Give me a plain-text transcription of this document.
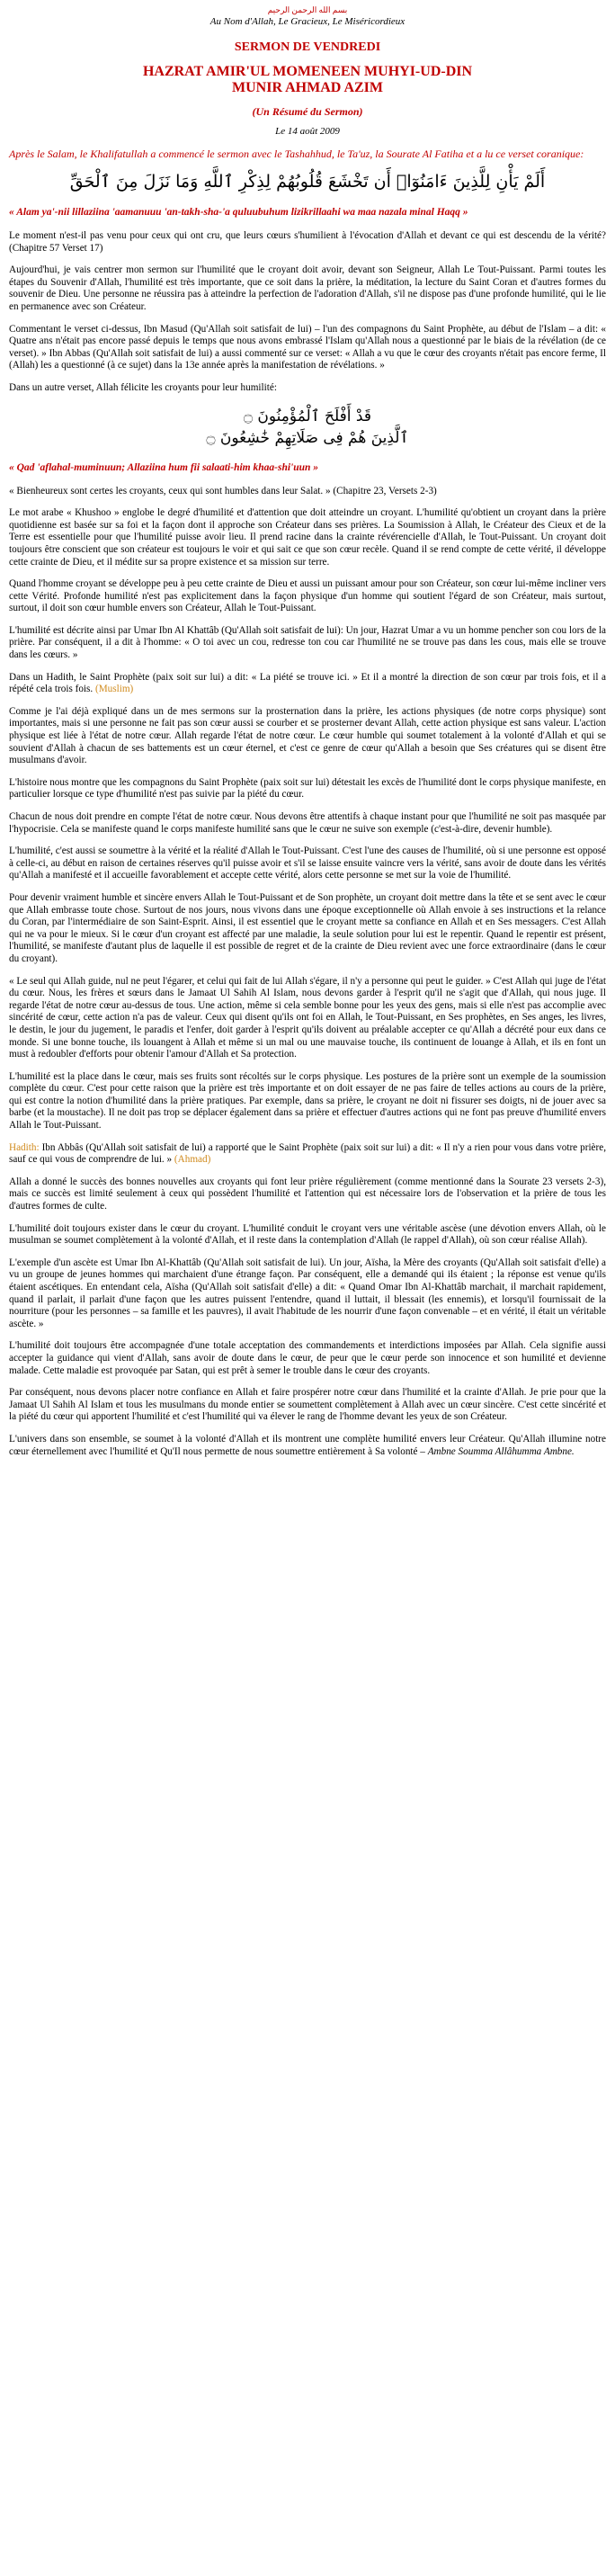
بسم الله الرحمن الرحيم
Au Nom d'Allah, Le Gracieux, Le Miséricordieux
SERMON DE VENDREDI
HAZRAT AMIR'UL MOMENEEN MUHYI-UD-DIN
MUNIR AHMAD AZIM
(Un Résumé du Sermon)
Le 14 août 2009
Après le Salam, le Khalifatullah a commencé le sermon avec le Tashahhud, le Ta'uz, la Sourate Al Fatiha et a lu ce verset coranique:
أَلَمْ يَأْنِ لِلَّذِينَ ءَامَنُوٓا۟ أَن تَخْشَعَ قُلُوبُهُمْ لِذِكْرِ ٱللَّهِ وَمَا نَزَلَ مِنَ ٱلْحَقِّ
« Alam ya'-nii lillaziina 'aamanuuu 'an-takh-sha-'a quluubuhum lizikrillaahi wa maa nazala minal Haqq »

Le moment n'est-il pas venu pour ceux qui ont cru, que leurs cœurs s'humilient à l'évocation d'Allah et devant ce qui est descendu de la vérité? (Chapitre 57 Verset 17)

Aujourd'hui, je vais centrer mon sermon sur l'humilité que le croyant doit avoir, devant son Seigneur, Allah Le Tout-Puissant. Parmi toutes les étapes du Souvenir d'Allah, l'humilité est très importante, que ce soit dans la prière, la méditation, la lecture du Saint Coran et d'autres formes du souvenir de Dieu. Une personne ne réussira pas à atteindre la perfection de l'adoration d'Allah, s'il ne dispose pas d'une profonde humilité, qui le lie en permanence avec son Créateur.

Commentant le verset ci-dessus, Ibn Masud (Qu'Allah soit satisfait de lui) – l'un des compagnons du Saint Prophète, au début de l'Islam – a dit: « Quatre ans n'était pas encore passé depuis le temps que nous avons embrassé l'Islam qu'Allah nous a questionné par le biais de la révélation (de ce verset). » Ibn Abbas (Qu'Allah soit satisfait de lui) a aussi commenté sur ce verset: « Allah a vu que le cœur des croyants n'était pas encore ferme, Il (Allah) les a questionné (à ce sujet) dans la 13e année après la manifestation de révélations. »

Dans un autre verset, Allah félicite les croyants pour leur humilité:

قَدْ أَفْلَحَ ٱلْمُؤْمِنُونَ ۝
ٱلَّذِينَ هُمْ فِى صَلَاتِهِمْ خَٰشِعُونَ ۝
« Qad 'aflahal-muminuun; Allaziina hum fii salaati-him khaa-shi'uun »

« Bienheureux sont certes les croyants, ceux qui sont humbles dans leur Salat. » (Chapitre 23, Versets 2-3)

Le mot arabe « Khushoo » englobe le degré d'humilité et d'attention que doit atteindre un croyant. L'humilité qu'obtient un croyant dans la prière quotidienne est basée sur sa foi et la façon dont il approche son Créateur dans ses prières. La Soumission à Allah, le Créateur des Cieux et de la Terre est essentielle pour que l'humilité puisse avoir lieu. Il prend racine dans la crainte révérencielle d'Allah, le Tout-Puissant. Un croyant doit toujours être conscient que son créateur est toujours le voir et qui sait ce que son cœur recèle. Quand il se rend compte de cette vérité, il développe cette crainte de Dieu, et il médite sur sa propre existence et sa mission sur terre.

Quand l'homme croyant se développe peu à peu cette crainte de Dieu et aussi un puissant amour pour son Créateur, son cœur lui-même incliner vers cette Vérité. Profonde humilité n'est pas explicitement dans la façon physique d'un homme qui soutient l'égard de son Créateur, mais surtout, surtout, il doit son cœur humble envers son Créateur, Allah le Tout-Puissant.

L'humilité est décrite ainsi par Umar Ibn Al Khattâb (Qu'Allah soit satisfait de lui): Un jour, Hazrat Umar a vu un homme pencher son cou lors de la prière. Par conséquent, il a dit à l'homme: « O toi avec un cou, redresse ton cou car l'humilité ne se trouve pas dans les cous, mais elle se trouve dans les cœurs. »

Dans un Hadith, le Saint Prophète (paix soit sur lui) a dit: « La piété se trouve ici. » Et il a montré la direction de son cœur par trois fois, et il a répété cela trois fois. (Muslim)

Comme je l'ai déjà expliqué dans un de mes sermons sur la prosternation dans la prière, les actions physiques (de notre corps physique) sont importantes, mais si une personne ne fait pas son cœur aussi se courber et se prosterner devant Allah, cette action physique est sans valeur. L'action physique est liée à l'état de notre cœur. Allah regarde l'état de notre cœur. Le cœur humble qui soumet totalement à la volonté d'Allah et qui se souvient d'Allah à chacun de ses battements est un cœur éternel, et c'est ce genre de cœur qu'Allah a besoin que Ses créatures qui se disent être musulmans d'avoir.

L'histoire nous montre que les compagnons du Saint Prophète (paix soit sur lui) détestait les excès de l'humilité dont le corps physique manifeste, en particulier lorsque ce type d'humilité n'est pas suivie par la piété du cœur.

Chacun de nous doit prendre en compte l'état de notre cœur. Nous devons être attentifs à chaque instant pour que l'humilité ne soit pas masquée par l'hypocrisie. Cela se manifeste quand le corps manifeste humilité sans que le cœur ne suive son exemple (c'est-à-dire, devenir humble).

L'humilité, c'est aussi se soumettre à la vérité et la réalité d'Allah le Tout-Puissant. C'est l'une des causes de l'humilité, où si une personne est opposé à celle-ci, au début en raison de certaines réserves qu'il puisse avoir et s'il se laisse ensuite vaincre vers la vérité, sans avoir de doute dans les vérités qu'Allah a manifesté et il accueille favorablement et accepte cette vérité, alors cette personne se met sur la voie de l'humilité.

Pour devenir vraiment humble et sincère envers Allah le Tout-Puissant et de Son prophète, un croyant doit mettre dans la tête et se sent avec le cœur que Allah embrasse toute chose. Surtout de nos jours, nous vivons dans une époque exceptionnelle où Allah envoie à ses instructions et la relance du Coran, par l'intermédiaire de son Saint-Esprit. Ainsi, il est essentiel que le croyant mette sa confiance en Allah et en Ses messagers. C'est Allah qui ne va pour le mieux. Si le cœur d'un croyant est affecté par une maladie, la seule solution pour lui est le repentir. Quand le repentir est présent, l'humilité, se manifeste d'autant plus de laquelle il est possible de regret et de la crainte de Dieu revient avec une force extraordinaire (dans le cœur du croyant).

« Le seul qui Allah guide, nul ne peut l'égarer, et celui qui fait de lui Allah s'égare, il n'y a personne qui peut le guider. » C'est Allah qui juge de l'état du cœur. Nous, les frères et sœurs dans le Jamaat Ul Sahih Al Islam, nous devons garder à l'esprit qu'il ne s'agit que d'Allah, qui nous juge. Il regarde l'état de notre cœur au-dessus de tous. Une action, même si cela semble bonne pour les yeux des gens, mais si elle n'est pas accomplie avec sincérité de cœur, cette action n'a pas de valeur. Ceux qui disent qu'ils ont foi en Allah, le Tout-Puissant, en Ses prophètes, en Ses anges, les livres, le destin, le jour du jugement, le paradis et l'enfer, doit garder à l'esprit qu'ils doivent au préalable accepter ce qu'Allah a décrété pour eux dans ce monde. Si une bonne touche, ils louangent à Allah et même si un mal ou une mauvaise touche, ils continuent de louange à Allah, et ils en font un must à redoubler d'efforts pour obtenir l'amour d'Allah et Sa protection.

L'humilité est la place dans le cœur, mais ses fruits sont récoltés sur le corps physique. Les postures de la prière sont un exemple de la soumission complète du cœur. C'est pour cette raison que la prière est très importante et on doit essayer de ne pas faire de telles actions au cours de la prière, qui est contre la notion d'humilité dans la prière pratiques. Par exemple, dans sa prière, le croyant ne doit ni fissurer ses doigts, ni de jouer avec sa barbe (et la moustache). Il ne doit pas trop se déplacer également dans sa prière et effectuer d'autres actions qui ne font pas preuve d'humilité envers Allah le Tout-Puissant.

Hadith: Ibn Abbâs (Qu'Allah soit satisfait de lui) a rapporté que le Saint Prophète (paix soit sur lui) a dit: « Il n'y a rien pour vous dans votre prière, sauf ce qui vous de comprendre de lui. » (Ahmad)

Allah a donné le succès des bonnes nouvelles aux croyants qui font leur prière régulièrement (comme mentionné dans la Sourate 23 versets 2-3), mais ce succès est limité seulement à ceux qui possèdent l'humilité et l'attention qui est nécessaire lors de l'observation et la prière de tous les d'autres formes de culte.

L'humilité doit toujours exister dans le cœur du croyant. L'humilité conduit le croyant vers une véritable ascèse (une dévotion envers Allah, où le musulman se soumet complètement à la volonté d'Allah, et il reste dans la contemplation d'Allah (le rappel d'Allah), où son cœur réalise Allah).

L'exemple d'un ascète est Umar Ibn Al-Khattâb (Qu'Allah soit satisfait de lui). Un jour, Aïsha, la Mère des croyants (Qu'Allah soit satisfait d'elle) a vu un groupe de jeunes hommes qui marchaient d'une étrange façon. Par conséquent, elle a demandé qui ils étaient ; la réponse est venue qu'ils étaient ascétiques. En entendant cela, Aïsha (Qu'Allah soit satisfait d'elle) a dit: « Quand Omar Ibn Al-Khattâb marchait, il marchait rapidement, quand il parlait, il parlait d'une façon que les autres puissent l'entendre, quand il luttait, il blessait (les ennemis), et lorsqu'il fournissait de la nourriture (pour les personnes – sa famille et les pauvres), il avait l'habitude de les nourrir d'une façon convenable – et en vérité, il était un véritable ascète. »

L'humilité doit toujours être accompagnée d'une totale acceptation des commandements et interdictions imposées par Allah. Cela signifie aussi accepter la guidance qui vient d'Allah, sans avoir de doute dans le cœur, de peur que le cœur perde son innocence et son humilité et devienne malade. Cette maladie est provoquée par Satan, qui est prêt à semer le trouble dans le cœur des croyants.

Par conséquent, nous devons placer notre confiance en Allah et faire prospérer notre cœur dans l'humilité et la crainte d'Allah. Je prie pour que la Jamaat Ul Sahih Al Islam et tous les musulmans du monde entier se soumettent complètement à Allah avec un cœur sincère. C'est cette sincérité et la piété du cœur qui apportent l'humilité et c'est l'humilité qui va élever le rang de l'homme devant les yeux de son Créateur.

L'univers dans son ensemble, se soumet à la volonté d'Allah et ils montrent une complète humilité envers leur Créateur. Qu'Allah illumine notre cœur éternellement avec l'humilité et Qu'Il nous permette de nous soumettre entièrement à Sa volonté – Ambne Soumma Allâhumma Ambne.
